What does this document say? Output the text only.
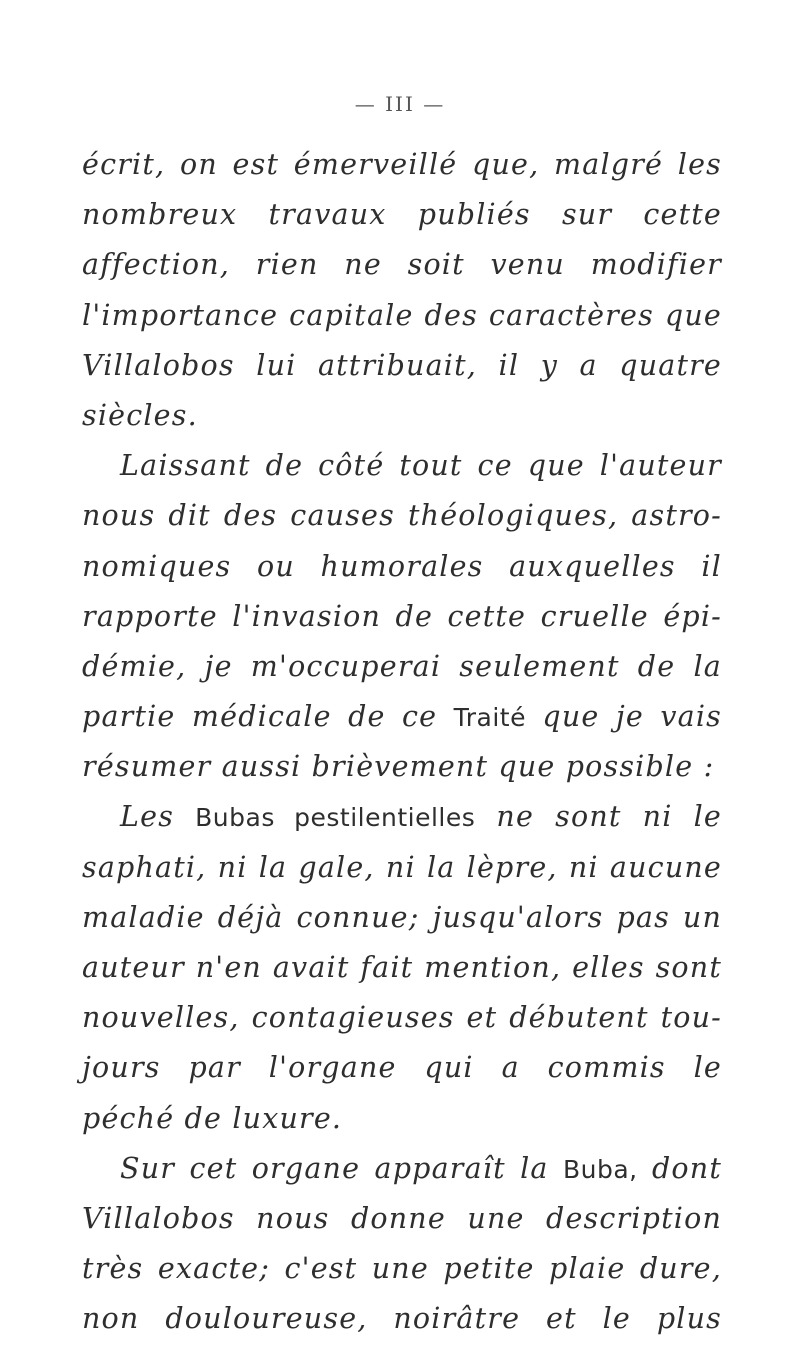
— III —
écrit, on est émerveillé que, malgré les
nombreux travaux publiés sur cette
affection, rien ne soit venu modifier
l'importance capitale des caractères que
Villalobos lui attribuait, il y a quatre
siècles.
Laissant de côté tout ce que l'auteur
nous dit des causes théologiques, astro-
nomiques ou humorales auxquelles il
rapporte l'invasion de cette cruelle épi-
démie, je m'occuperai seulement de la
partie médicale de ce Traité que je vais
résumer aussi brièvement que possible :
Les Bubas pestilentielles ne sont ni le
saphati, ni la gale, ni la lèpre, ni aucune
maladie déjà connue; jusqu'alors pas un
auteur n'en avait fait mention, elles sont
nouvelles, contagieuses et débutent tou-
jours par l'organe qui a commis le
péché de luxure.
Sur cet organe apparaît la Buba, dont
Villalobos nous donne une description
très exacte; c'est une petite plaie dure,
non douloureuse, noirâtre et le plus
